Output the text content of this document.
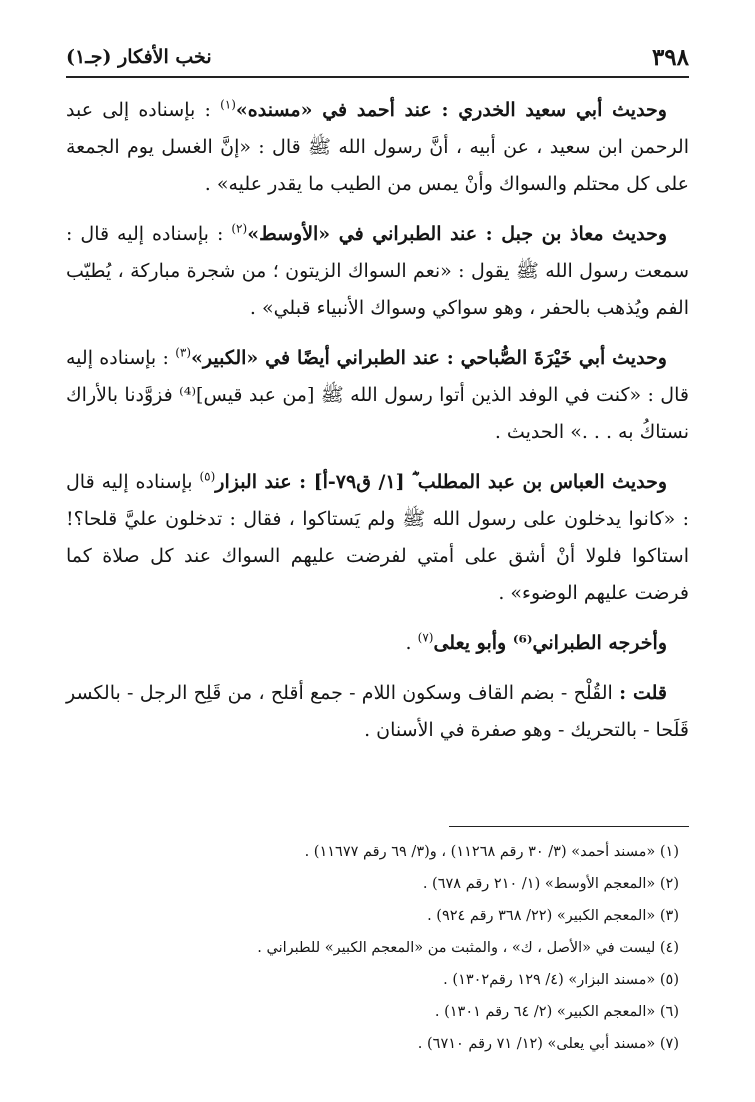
٣٩٨
نخب الأفكار (جـ١)

وحديث أبي سعيد الخدري : عند أحمد في «مسنده»$^{(١)}$ : بإسناده إلى عبد الرحمن ابن سعيد ، عن أبيه ، أنَّ رسول الله ﷺ قال : «إنَّ الغسل يوم الجمعة على كل محتلم والسواك وأنْ يمس من الطيب ما يقدر عليه» .

وحديث معاذ بن جبل : عند الطبراني في «الأوسط»$^{(٢)}$ : بإسناده إليه قال : سمعت رسول الله ﷺ يقول : «نعم السواك الزيتون ؛ من شجرة مباركة ، يُطيّب الفم ويُذهب بالحفر ، وهو سواكي وسواك الأنبياء قبلي» .

وحديث أبي خَيْرَةَ الصُّباحي : عند الطبراني أيضًا في «الكبير»$^{(٣)}$ : بإسناده إليه قال : «كنت في الوفد الذين أتوا رسول الله ﷺ [من عبد قيس]⁽⁴⁾ فزوَّدنا بالأراك نستاكُ به . . .» الحديث .

وحديث العباس بن عبد المطلب ؓ [١/ ق٧٩-أ] : عند البزار$^{(٥)}$ بإسناده إليه قال : «كانوا يدخلون على رسول الله ﷺ ولم يَستاكوا ، فقال : تدخلون عليَّ قلحا؟! استاكوا فلولا أنْ أشق على أمتي لفرضت عليهم السواك عند كل صلاة كما فرضت عليهم الوضوء» .

وأخرجه الطبراني⁽⁶⁾ وأبو يعلى$^{(٧)}$ .

قلت : القُلْح - بضم القاف وسكون اللام - جمع أقلح ، من قَلِح الرجل - بالكسر قَلَحا - بالتحريك - وهو صفرة في الأسنان .

(١) «مسند أحمد» (٣/ ٣٠ رقم ١١٢٦٨) ، و(٣/ ٦٩ رقم ١١٦٧٧) .

(٢) «المعجم الأوسط» (١/ ٢١٠ رقم ٦٧٨) .

(٣) «المعجم الكبير» (٢٢/ ٣٦٨ رقم ٩٢٤) .

(٤) ليست في «الأصل ، ك» ، والمثبت من «المعجم الكبير» للطبراني .

(٥) «مسند البزار» (٤/ ١٢٩ رقم١٣٠٢) .

(٦) «المعجم الكبير» (٢/ ٦٤ رقم ١٣٠١) .

(٧) «مسند أبي يعلى» (١٢/ ٧١ رقم ٦٧١٠) .
